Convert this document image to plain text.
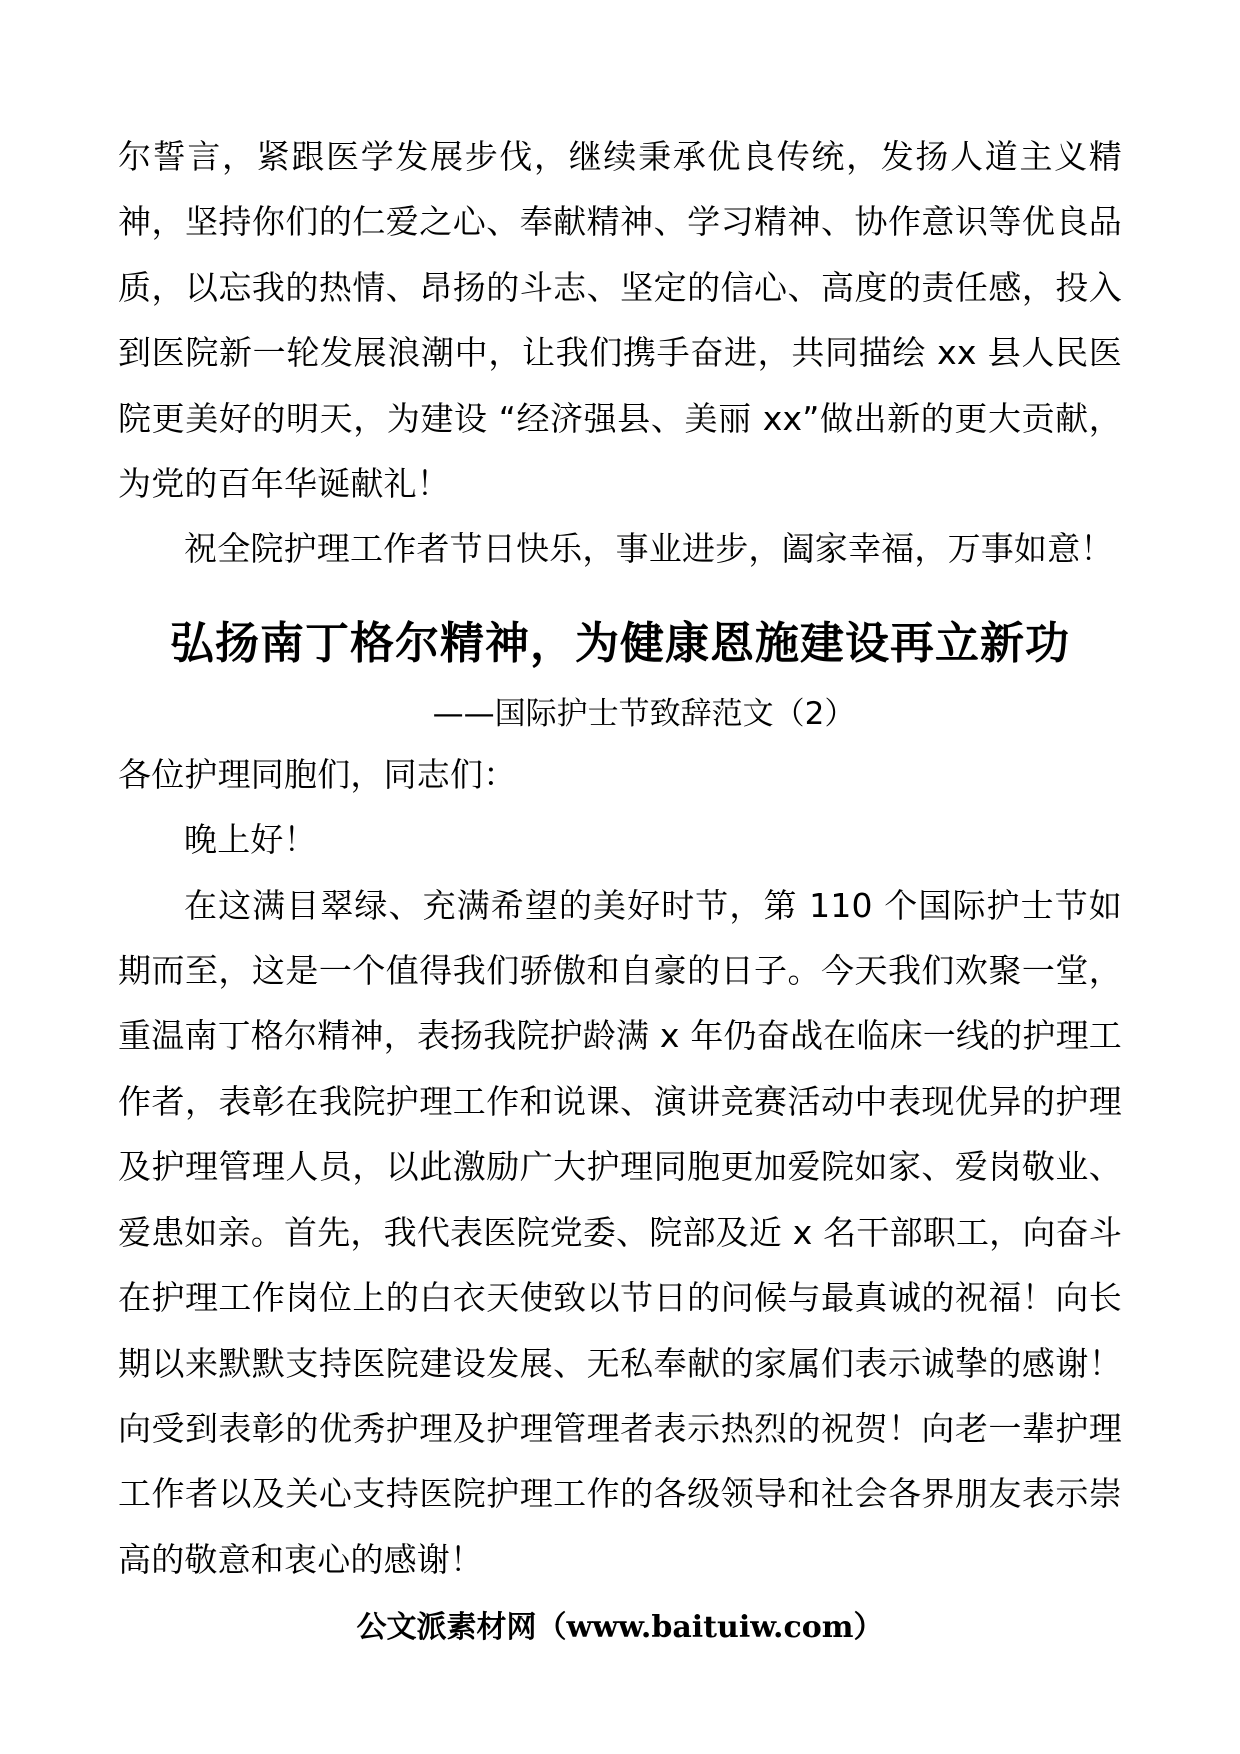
尔誓言，紧跟医学发展步伐，继续秉承优良传统，发扬人道主义精神，坚持你们的仁爱之心、奉献精神、学习精神、协作意识等优良品质，以忘我的热情、昂扬的斗志、坚定的信心、高度的责任感，投入到医院新一轮发展浪潮中，让我们携手奋进，共同描绘 xx 县人民医院更美好的明天，为建设 “经济强县、美丽 xx”做出新的更大贡献，为党的百年华诞献礼！

祝全院护理工作者节日快乐，事业进步，阖家幸福，万事如意！

弘扬南丁格尔精神，为健康恩施建设再立新功

——国际护士节致辞范文（2）

各位护理同胞们，同志们：

晚上好！

在这满目翠绿、充满希望的美好时节，第 110 个国际护士节如期而至，这是一个值得我们骄傲和自豪的日子。今天我们欢聚一堂，重温南丁格尔精神，表扬我院护龄满 x 年仍奋战在临床一线的护理工作者，表彰在我院护理工作和说课、演讲竞赛活动中表现优异的护理及护理管理人员，以此激励广大护理同胞更加爱院如家、爱岗敬业、爱患如亲。首先，我代表医院党委、院部及近 x 名干部职工，向奋斗在护理工作岗位上的白衣天使致以节日的问候与最真诚的祝福！向长期以来默默支持医院建设发展、无私奉献的家属们表示诚挚的感谢！向受到表彰的优秀护理及护理管理者表示热烈的祝贺！向老一辈护理工作者以及关心支持医院护理工作的各级领导和社会各界朋友表示崇高的敬意和衷心的感谢！

公文派素材网（www.baituiw.com）
